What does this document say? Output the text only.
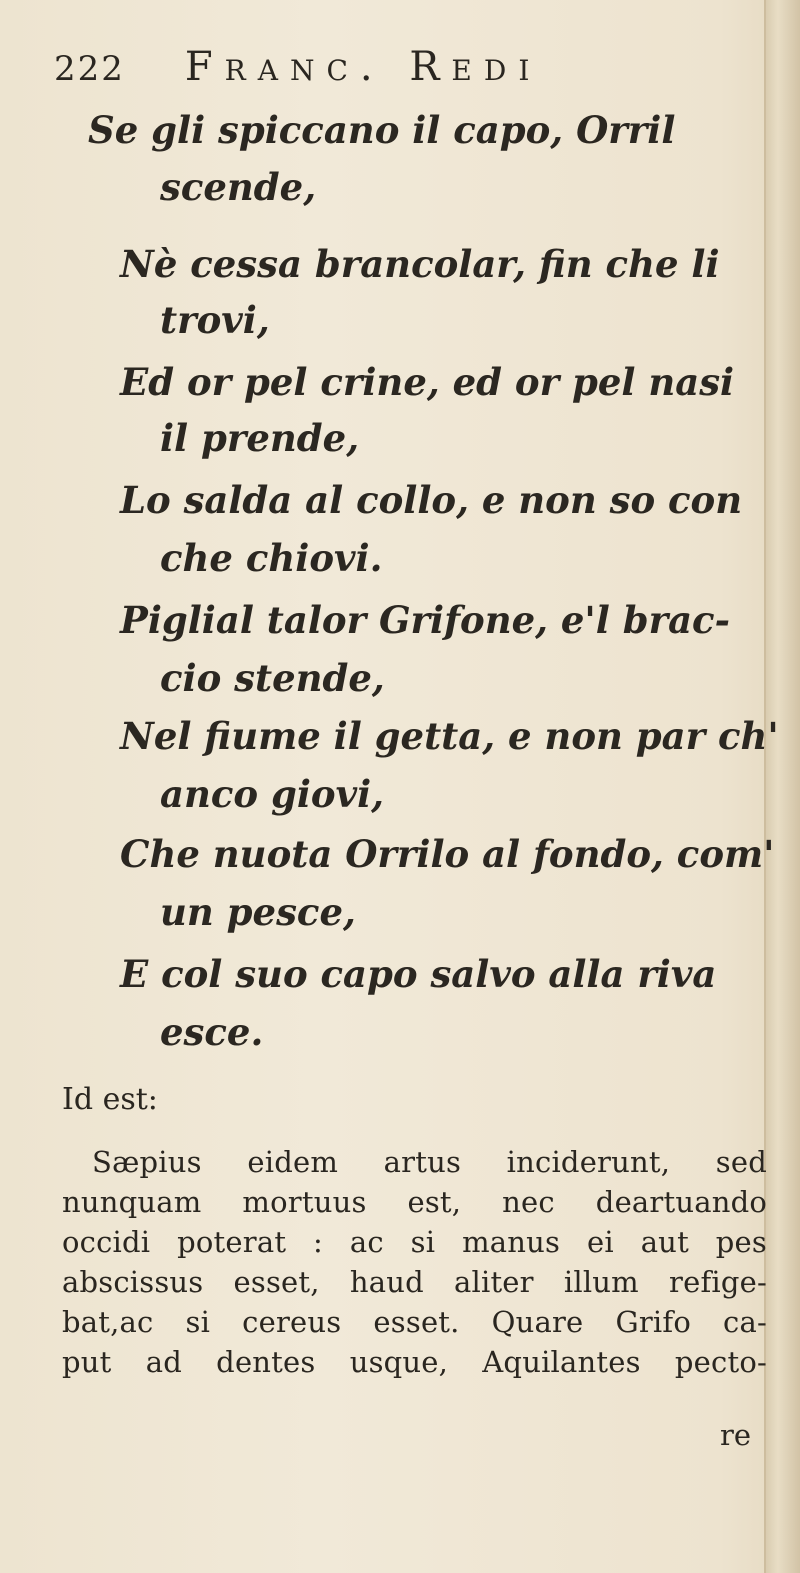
222 Franc. Redi
Se gli spiccano il capo, Orril
scende,
Nè cessa brancolar, fin che li
trovi,
Ed or pel crine, ed or pel nasi
il prende,
Lo salda al collo, e non so con
che chiovi.
Piglial talor Grifone, e'l brac-
cio stende,
Nel fiume il getta, e non par ch'
anco giovi,
Che nuota Orrilo al fondo, com'
un pesce,
E col suo capo salvo alla riva
esce.
Id est:
Sæpius eidem artus inciderunt, sed
nunquam mortuus est, nec deartuando
occidi poterat : ac si manus ei aut pes
abscissus esset, haud aliter illum refige-
bat,ac si cereus esset. Quare Grifo ca-
put ad dentes usque, Aquilantes pecto-
re
